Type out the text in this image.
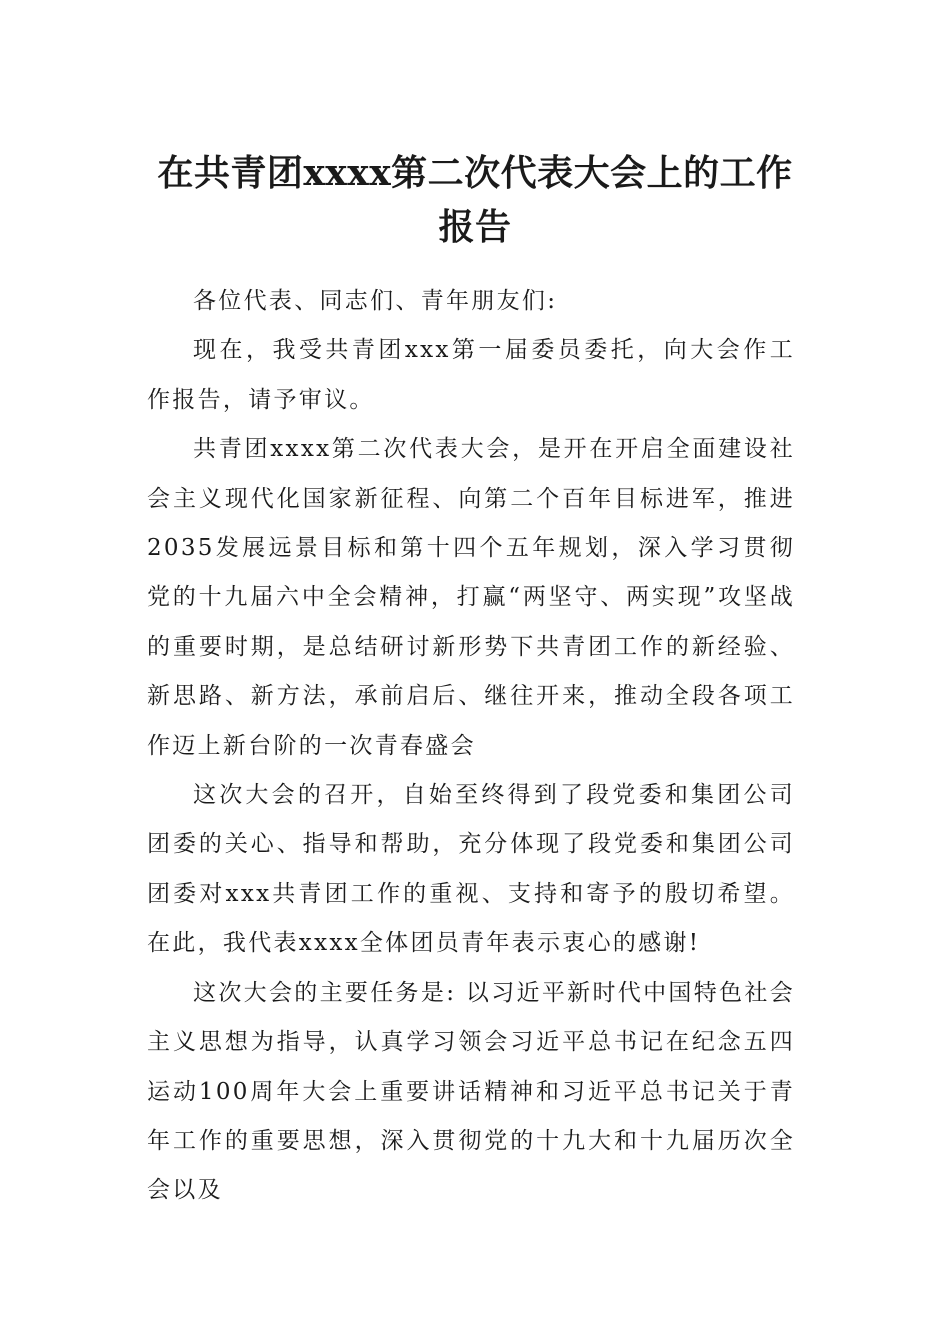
在共青团xxxx第二次代表大会上的工作报告

各位代表、同志们、青年朋友们:

现在，我受共青团xxx第一届委员委托，向大会作工作报告，请予审议。

共青团xxxx第二次代表大会，是开在开启全面建设社会主义现代化国家新征程、向第二个百年目标进军，推进2035发展远景目标和第十四个五年规划，深入学习贯彻党的十九届六中全会精神，打赢“两坚守、两实现”攻坚战的重要时期，是总结研讨新形势下共青团工作的新经验、新思路、新方法，承前启后、继往开来，推动全段各项工作迈上新台阶的一次青春盛会

这次大会的召开，自始至终得到了段党委和集团公司团委的关心、指导和帮助，充分体现了段党委和集团公司团委对xxx共青团工作的重视、支持和寄予的殷切希望。在此，我代表xxxx全体团员青年表示衷心的感谢!

这次大会的主要任务是: 以习近平新时代中国特色社会主义思想为指导，认真学习领会习近平总书记在纪念五四运动100周年大会上重要讲话精神和习近平总书记关于青年工作的重要思想，深入贯彻党的十九大和十九届历次全会以及
